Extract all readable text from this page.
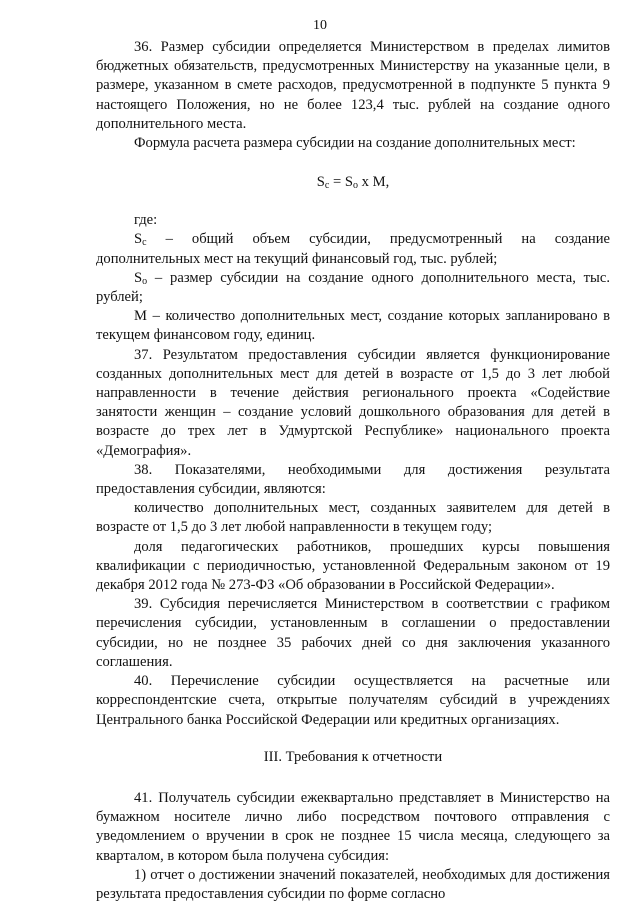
10

36. Размер субсидии определяется Министерством в пределах лимитов бюджетных обязательств, предусмотренных Министерству на указанные цели, в размере, указанном в смете расходов, предусмотренной в подпункте 5 пункта 9 настоящего Положения, но не более 123,4 тыс. рублей на создание одного дополнительного места.

Формула расчета размера субсидии на создание дополнительных мест:

$S_c = S_о$ x M,

где:

$S_с$ – общий объем субсидии, предусмотренный на создание дополнительных мест на текущий финансовый год, тыс. рублей;

$S_о$ – размер субсидии на создание одного дополнительного места, тыс. рублей;

М – количество дополнительных мест, создание которых запланировано в текущем финансовом году, единиц.

37. Результатом предоставления субсидии является функционирование созданных дополнительных мест для детей в возрасте от 1,5 до 3 лет любой направленности в течение действия регионального проекта «Содействие занятости женщин – создание условий дошкольного образования для детей в возрасте до трех лет в Удмуртской Республике» национального проекта «Демография».

38. Показателями, необходимыми для достижения результата предоставления субсидии, являются:

количество дополнительных мест, созданных заявителем для детей в возрасте от 1,5 до 3 лет любой направленности в текущем году;

доля педагогических работников, прошедших курсы повышения квалификации с периодичностью, установленной Федеральным законом от 19 декабря 2012 года № 273-ФЗ «Об образовании в Российской Федерации».

39. Субсидия перечисляется Министерством в соответствии с графиком перечисления субсидии, установленным в соглашении о предоставлении субсидии, но не позднее 35 рабочих дней со дня заключения указанного соглашения.

40. Перечисление субсидии осуществляется на расчетные или корреспондентские счета, открытые получателям субсидий в учреждениях Центрального банка Российской Федерации или кредитных организациях.

III. Требования к отчетности

41. Получатель субсидии ежеквартально представляет в Министерство на бумажном носителе лично либо посредством почтового отправления с уведомлением о вручении в срок не позднее 15 числа месяца, следующего за кварталом, в котором была получена субсидия:

1) отчет о достижении значений показателей, необходимых для достижения результата предоставления субсидии по форме согласно
